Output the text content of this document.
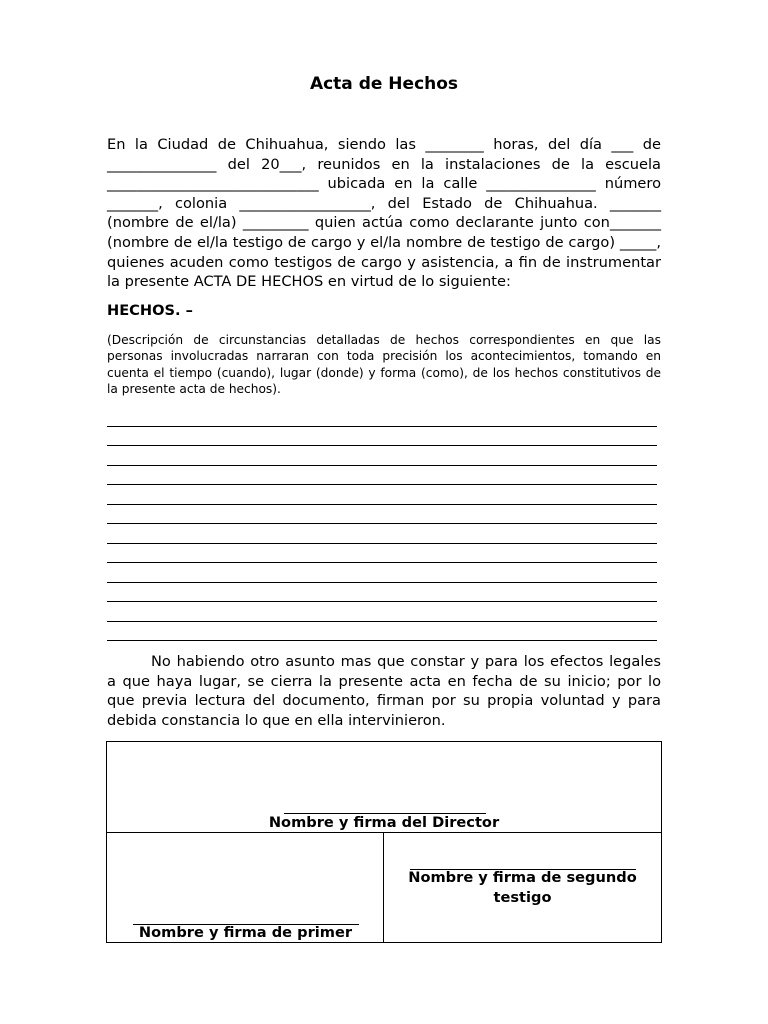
Acta de Hechos

En la Ciudad de Chihuahua, siendo las ________ horas, del día ___ de _______________ del 20___, reunidos en la instalaciones de la escuela _____________________________ ubicada en la calle _______________ número _______, colonia __________________, del Estado de Chihuahua. _______ (nombre de el/la) _________ quien actúa como declarante junto con_______ (nombre de el/la testigo de cargo y el/la nombre de testigo de cargo) _____, quienes acuden como testigos de cargo y asistencia, a fin de instrumentar la presente ACTA DE HECHOS en virtud de lo siguiente:

HECHOS. –

(Descripción de circunstancias detalladas de hechos correspondientes en que las personas involucradas narraran con toda precisión los acontecimientos, tomando en cuenta el tiempo (cuando), lugar (donde) y forma (como), de los hechos constitutivos de la presente acta de hechos).

No habiendo otro asunto mas que constar y para los efectos legales a que haya lugar, se cierra la presente acta en fecha de su inicio; por lo que previa lectura del documento, firman por su propia voluntad y para debida constancia lo que en ella intervinieron.

Nombre y firma del Director
Nombre y firma de primer
Nombre y firma de segundo testigo
